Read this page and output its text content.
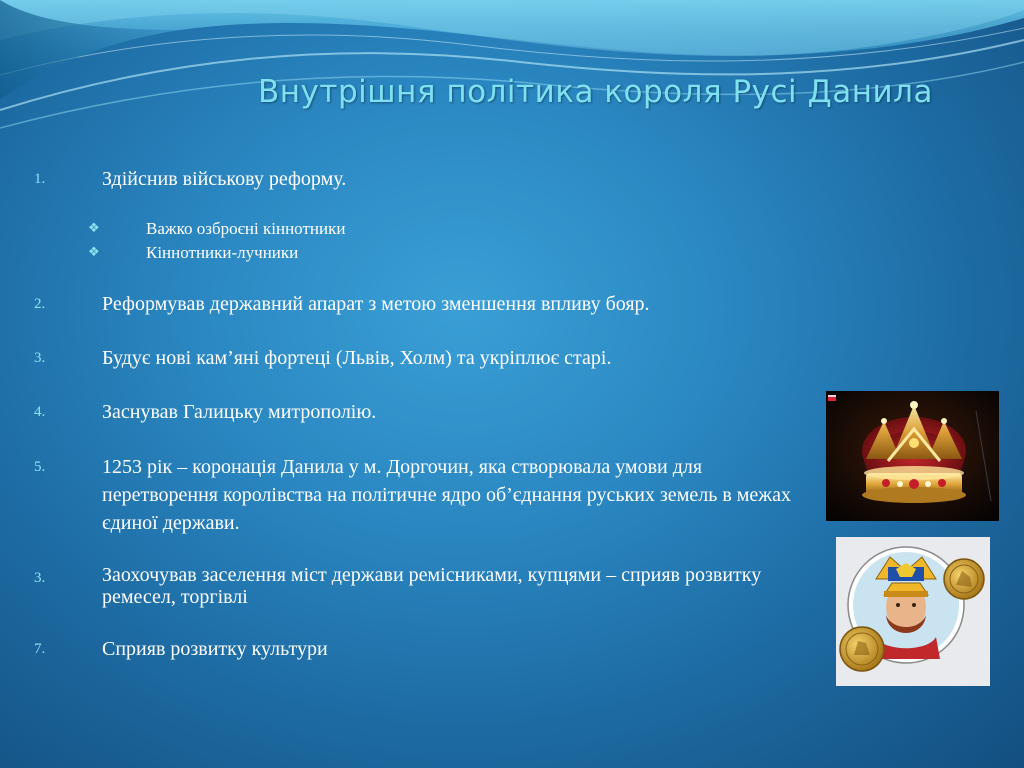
Внутрішня політика короля Русі Данила
1.	Здійснив військову реформу.
❖	Важко озброєні кіннотники
❖	Кіннотники-лучники
2.	Реформував державний апарат з метою зменшення впливу бояр.
3.	Будує нові кам’яні фортеці (Львів, Холм) та укріплює старі.
4.	Заснував Галицьку митрополію.
5.	1253 рік – коронація Данила у м. Доргочин, яка створювала умови для перетворення королівства на політичне ядро об’єднання руських земель в межах єдиної держави.
3.	Заохочував заселення міст держави ремісниками, купцями – сприяв розвитку ремесел, торгівлі
7.	Сприяв розвитку культури
